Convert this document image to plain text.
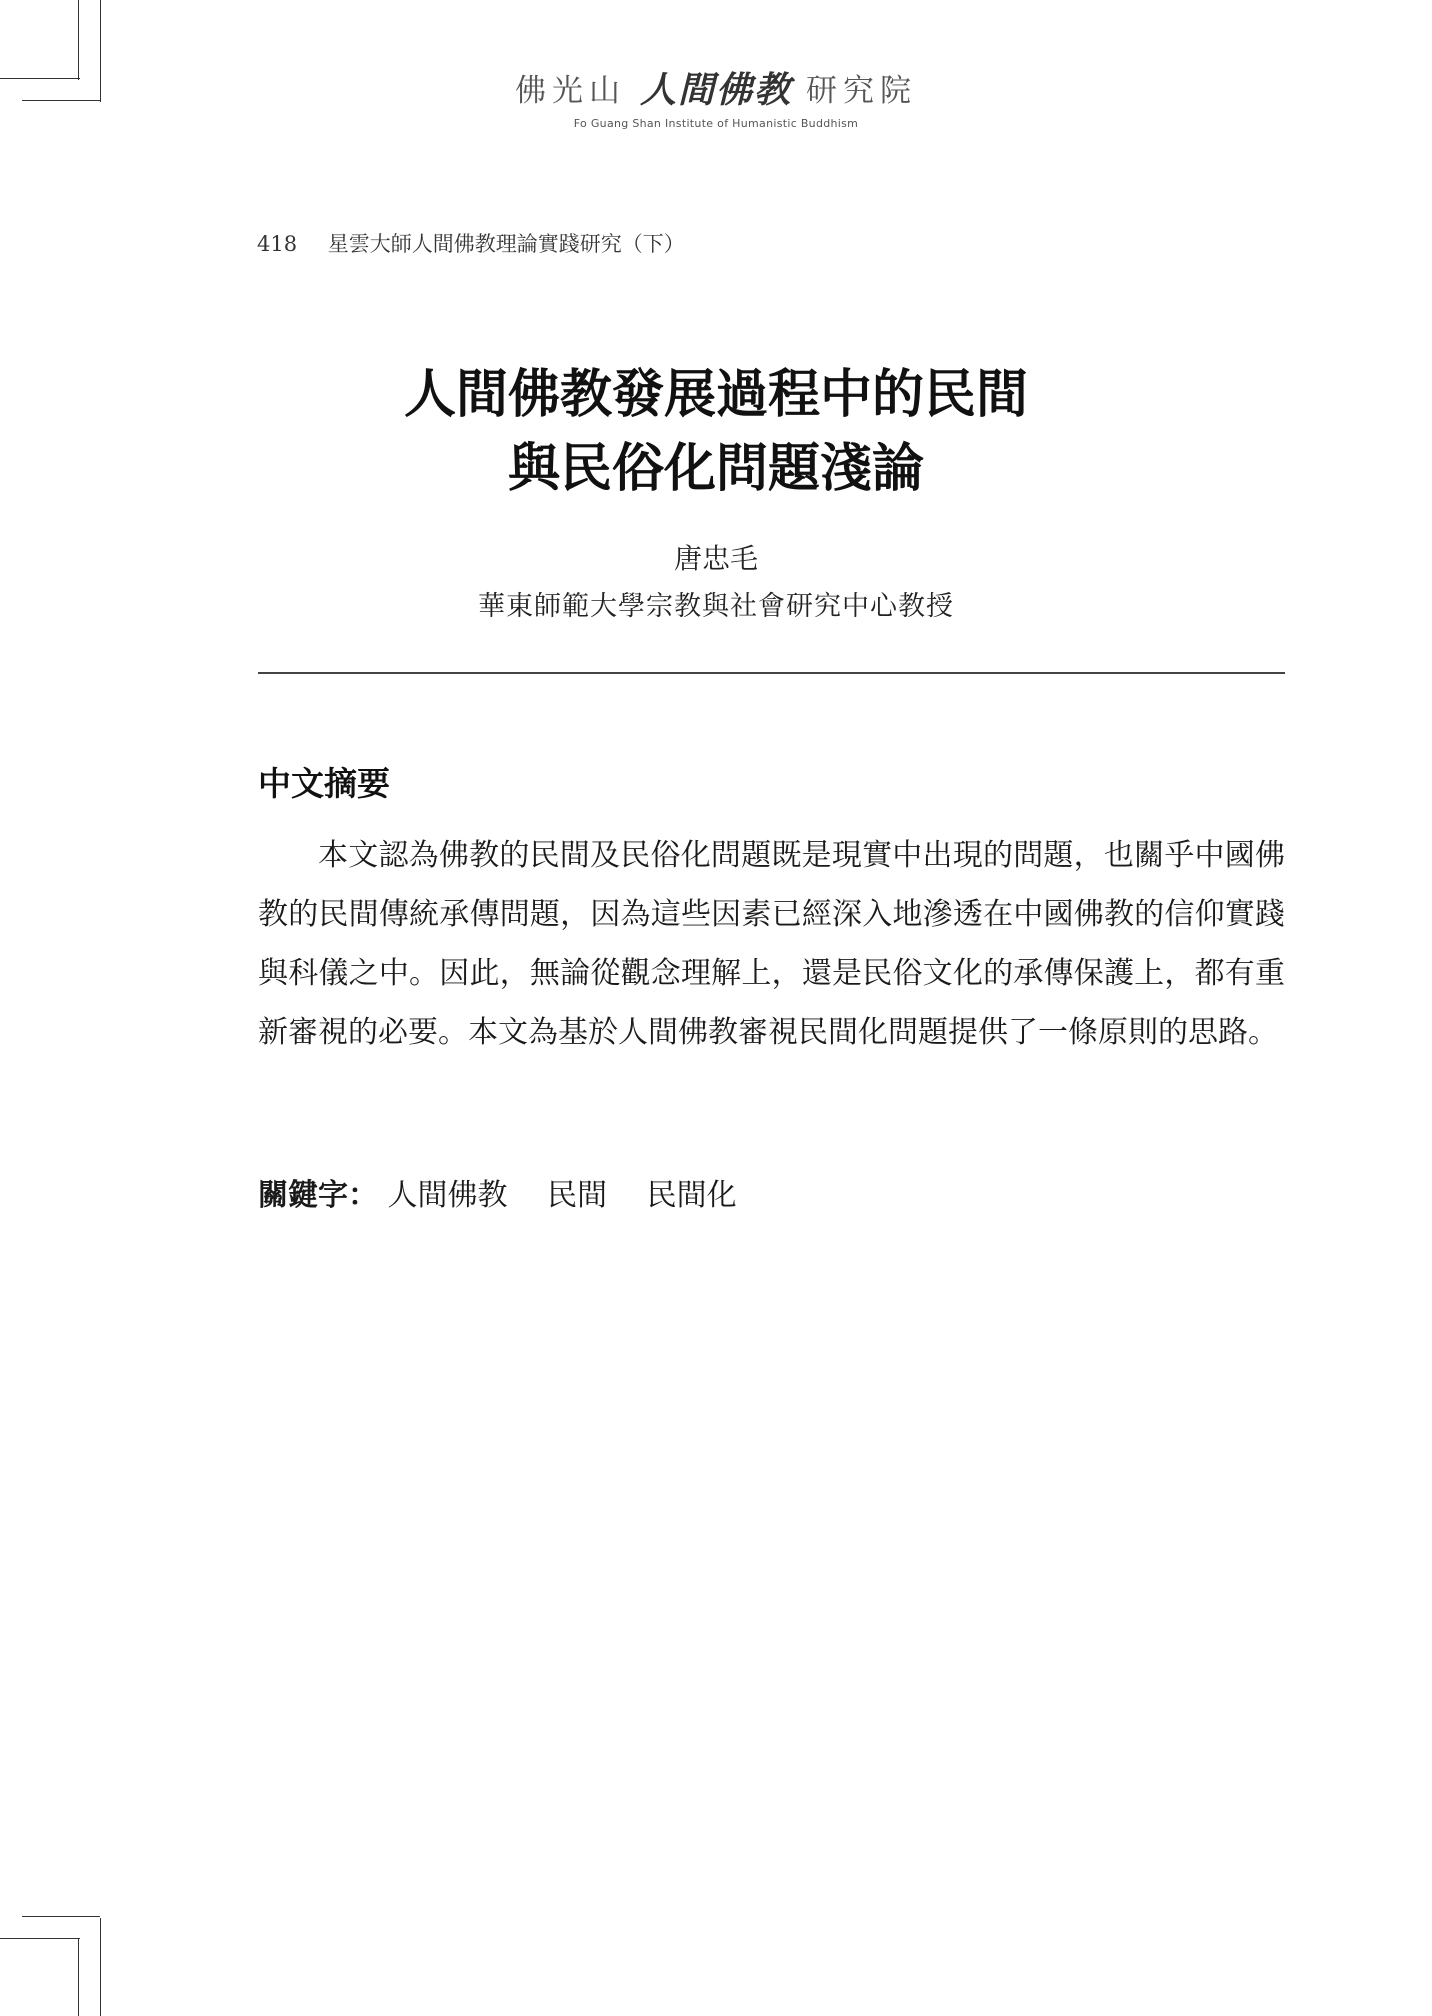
佛光山 人間佛教 研究院
Fo Guang Shan Institute of Humanistic Buddhism
418 星雲大師人間佛教理論實踐研究（下）
人間佛教發展過程中的民間
與民俗化問題淺論
唐忠毛
華東師範大學宗教與社會研究中心教授
中文摘要

本文認為佛教的民間及民俗化問題既是現實中出現的問題，也關乎中國佛教的民間傳統承傳問題，因為這些因素已經深入地滲透在中國佛教的信仰實踐與科儀之中。因此，無論從觀念理解上，還是民俗文化的承傳保護上，都有重新審視的必要。本文為基於人間佛教審視民間化問題提供了一條原則的思路。

關鍵字： 人間佛教 民間 民間化
